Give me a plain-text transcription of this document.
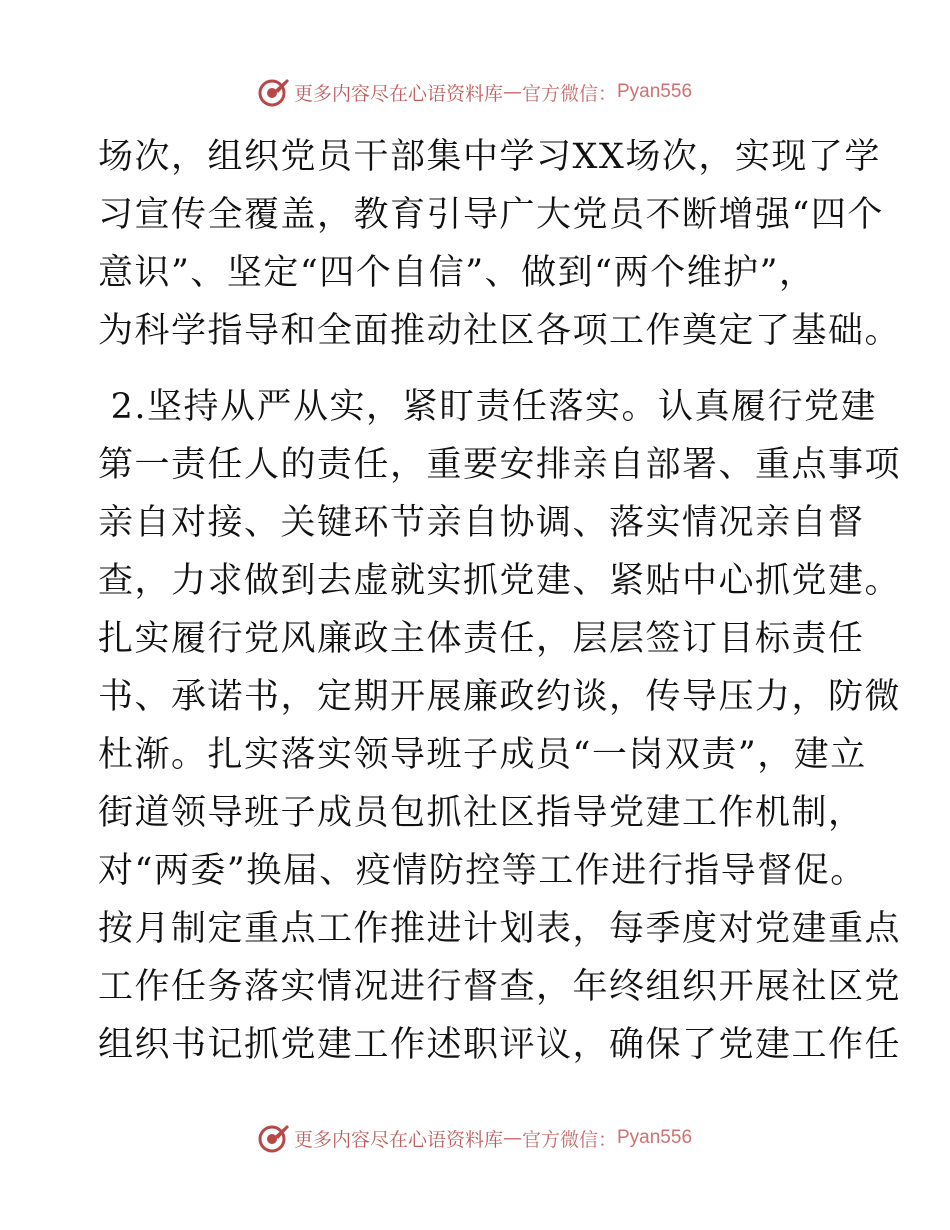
更多内容尽在心语资料库 — 官方微信： Pyan556
场次，组织党员干部集中学习XX场次，实现了学
习宣传全覆盖，教育引导广大党员不断增强“四个
意识”、坚定“四个自信”、做到“两个维护”，
为科学指导和全面推动社区各项工作奠定了基础。
2.坚持从严从实，紧盯责任落实。认真履行党建
第一责任人的责任，重要安排亲自部署、重点事项
亲自对接、关键环节亲自协调、落实情况亲自督
查，力求做到去虚就实抓党建、紧贴中心抓党建。
扎实履行党风廉政主体责任，层层签订目标责任
书、承诺书，定期开展廉政约谈，传导压力，防微
杜渐。扎实落实领导班子成员“一岗双责”，建立
街道领导班子成员包抓社区指导党建工作机制，
对“两委”换届、疫情防控等工作进行指导督促。
按月制定重点工作推进计划表，每季度对党建重点
工作任务落实情况进行督查，年终组织开展社区党
组织书记抓党建工作述职评议，确保了党建工作任
更多内容尽在心语资料库 — 官方微信： Pyan556
